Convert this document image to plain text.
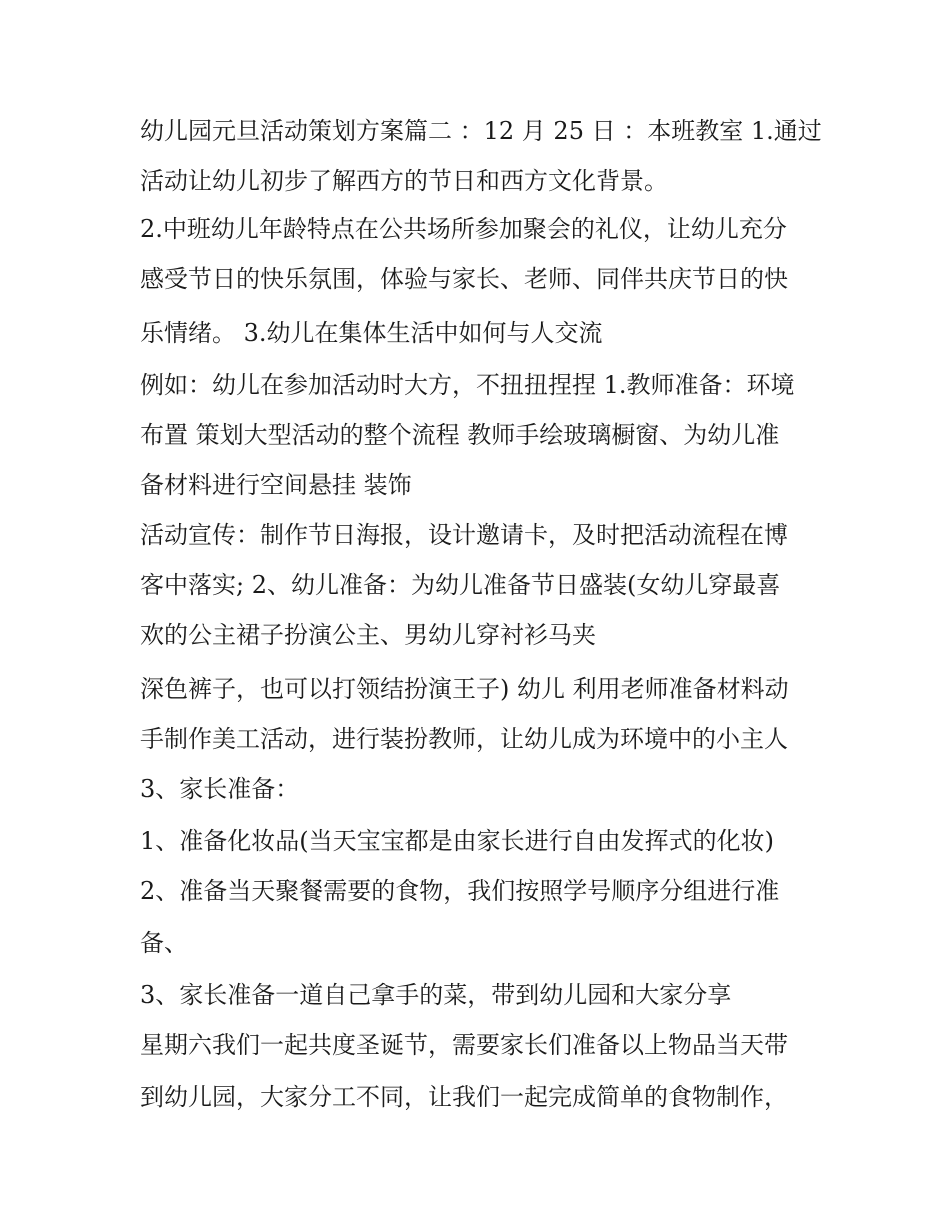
幼儿园元旦活动策划方案篇二 ：12 月 25 日 ：本班教室 1.通过

活动让幼儿初步了解西方的节日和西方文化背景。

2.中班幼儿年龄特点在公共场所参加聚会的礼仪，让幼儿充分

感受节日的快乐氛围，体验与家长、老师、同伴共庆节日的快

乐情绪。 3.幼儿在集体生活中如何与人交流

例如：幼儿在参加活动时大方，不扭扭捏捏 1.教师准备：环境

布置 策划大型活动的整个流程 教师手绘玻璃橱窗、为幼儿准

备材料进行空间悬挂 装饰

活动宣传：制作节日海报，设计邀请卡，及时把活动流程在博

客中落实; 2、幼儿准备：为幼儿准备节日盛装(女幼儿穿最喜

欢的公主裙子扮演公主、男幼儿穿衬衫马夹

深色裤子，也可以打领结扮演王子) 幼儿 利用老师准备材料动

手制作美工活动，进行装扮教师，让幼儿成为环境中的小主人

3、家长准备：

1、准备化妆品(当天宝宝都是由家长进行自由发挥式的化妆)

2、准备当天聚餐需要的食物，我们按照学号顺序分组进行准

备、

3、家长准备一道自己拿手的菜，带到幼儿园和大家分享

星期六我们一起共度圣诞节，需要家长们准备以上物品当天带

到幼儿园，大家分工不同，让我们一起完成简单的食物制作，
